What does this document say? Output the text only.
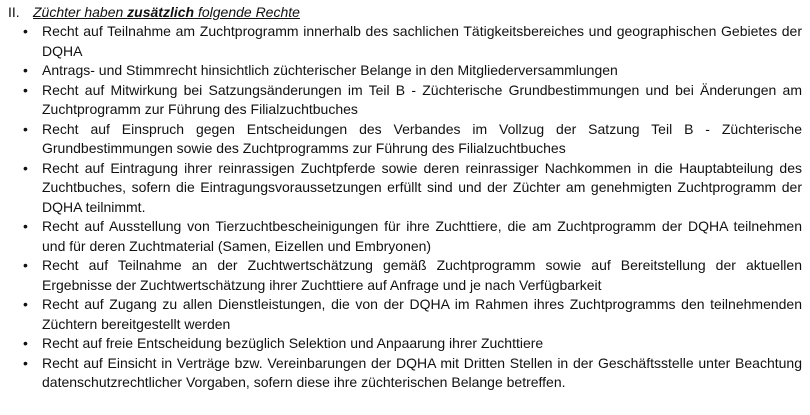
II. Züchter haben zusätzlich folgende Rechte
• Recht auf Teilnahme am Zuchtprogramm innerhalb des sachlichen Tätigkeitsbereiches und geographischen Gebietes der DQHA
• Antrags- und Stimmrecht hinsichtlich züchterischer Belange in den Mitgliederversammlungen
• Recht auf Mitwirkung bei Satzungsänderungen im Teil B - Züchterische Grundbestimmungen und bei Änderungen am Zuchtprogramm zur Führung des Filialzuchtbuches
• Recht auf Einspruch gegen Entscheidungen des Verbandes im Vollzug der Satzung Teil B - Züchterische Grundbestimmungen sowie des Zuchtprogramms zur Führung des Filialzuchtbuches
• Recht auf Eintragung ihrer reinrassigen Zuchtpferde sowie deren reinrassiger Nachkommen in die Hauptabteilung des Zuchtbuches, sofern die Eintragungsvoraussetzungen erfüllt sind und der Züchter am genehmigten Zuchtprogramm der DQHA teilnimmt.
• Recht auf Ausstellung von Tierzuchtbescheinigungen für ihre Zuchttiere, die am Zuchtprogramm der DQHA teilnehmen und für deren Zuchtmaterial (Samen, Eizellen und Embryonen)
• Recht auf Teilnahme an der Zuchtwertschätzung gemäß Zuchtprogramm sowie auf Bereitstellung der aktuellen Ergebnisse der Zuchtwertschätzung ihrer Zuchttiere auf Anfrage und je nach Verfügbarkeit
• Recht auf Zugang zu allen Dienstleistungen, die von der DQHA im Rahmen ihres Zuchtprogramms den teilnehmenden Züchtern bereitgestellt werden
• Recht auf freie Entscheidung bezüglich Selektion und Anpaarung ihrer Zuchttiere
• Recht auf Einsicht in Verträge bzw. Vereinbarungen der DQHA mit Dritten Stellen in der Geschäftsstelle unter Beachtung datenschutzrechtlicher Vorgaben, sofern diese ihre züchterischen Belange betreffen.
